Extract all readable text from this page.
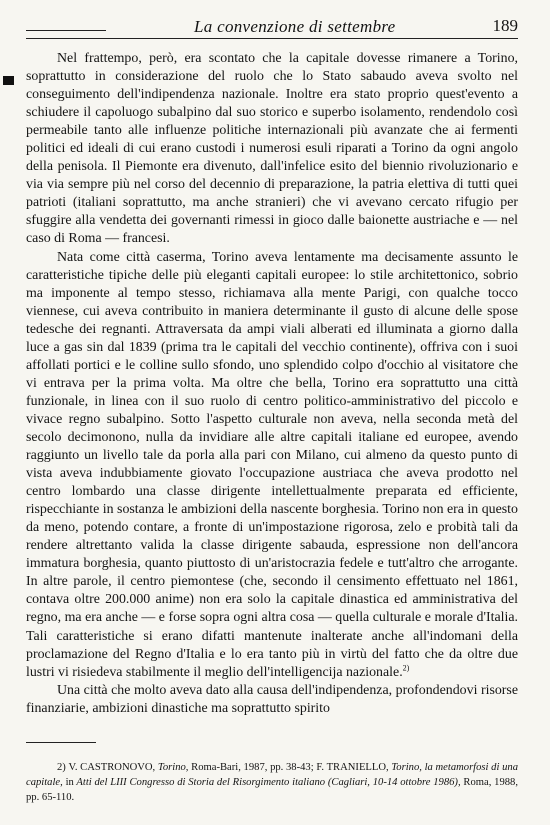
La convenzione di settembre	189

Nel frattempo, però, era scontato che la capitale dovesse rimanere a Torino, soprattutto in considerazione del ruolo che lo Stato sabaudo aveva svolto nel conseguimento dell'indipendenza nazionale. Inoltre era stato proprio quest'evento a schiudere il capoluogo subalpino dal suo storico e superbo isolamento, rendendolo così permeabile tanto alle influenze politiche internazionali più avanzate che ai fermenti politici ed ideali di cui erano custodi i numerosi esuli riparati a Torino da ogni angolo della penisola. Il Piemonte era divenuto, dall'infelice esito del biennio rivoluzionario e via via sempre più nel corso del decennio di preparazione, la patria elettiva di tutti quei patrioti (italiani soprattutto, ma anche stranieri) che vi avevano cercato rifugio per sfuggire alla vendetta dei governanti rimessi in gioco dalle baionette austriache e — nel caso di Roma — francesi.

Nata come città caserma, Torino aveva lentamente ma decisamente assunto le caratteristiche tipiche delle più eleganti capitali europee: lo stile architettonico, sobrio ma imponente al tempo stesso, richiamava alla mente Parigi, con qualche tocco viennese, cui aveva contribuito in maniera determinante il gusto di alcune delle spose tedesche dei regnanti. Attraversata da ampi viali alberati ed illuminata a giorno dalla luce a gas sin dal 1839 (prima tra le capitali del vecchio continente), offriva con i suoi affollati portici e le colline sullo sfondo, uno splendido colpo d'occhio al visitatore che vi entrava per la prima volta. Ma oltre che bella, Torino era soprattutto una città funzionale, in linea con il suo ruolo di centro politico-amministrativo del piccolo e vivace regno subalpino. Sotto l'aspetto culturale non aveva, nella seconda metà del secolo decimonono, nulla da invidiare alle altre capitali italiane ed europee, avendo raggiunto un livello tale da porla alla pari con Milano, cui almeno da questo punto di vista aveva indubbiamente giovato l'occupazione austriaca che aveva prodotto nel centro lombardo una classe dirigente intellettualmente preparata ed efficiente, rispecchiante in sostanza le ambizioni della nascente borghesia. Torino non era in questo da meno, potendo contare, a fronte di un'impostazione rigorosa, zelo e probità tali da rendere altrettanto valida la classe dirigente sabauda, espressione non dell'ancora immatura borghesia, quanto piuttosto di un'aristocrazia fedele e tutt'altro che arrogante. In altre parole, il centro piemontese (che, secondo il censimento effettuato nel 1861, contava oltre 200.000 anime) non era solo la capitale dinastica ed amministrativa del regno, ma era anche — e forse sopra ogni altra cosa — quella culturale e morale d'Italia. Tali caratteristiche si erano difatti mantenute inalterate anche all'indomani della proclamazione del Regno d'Italia e lo era tanto più in virtù del fatto che da oltre due lustri vi risiedeva stabilmente il meglio dell'intelligencija nazionale.$^{2)}$

Una città che molto aveva dato alla causa dell'indipendenza, profondendovi risorse finanziarie, ambizioni dinastiche ma soprattutto spirito

2) V. CASTRONOVO, Torino, Roma-Bari, 1987, pp. 38-43; F. TRANIELLO, Torino, la metamorfosi di una capitale, in Atti del LIII Congresso di Storia del Risorgimento italiano (Cagliari, 10-14 ottobre 1986), Roma, 1988, pp. 65-110.
